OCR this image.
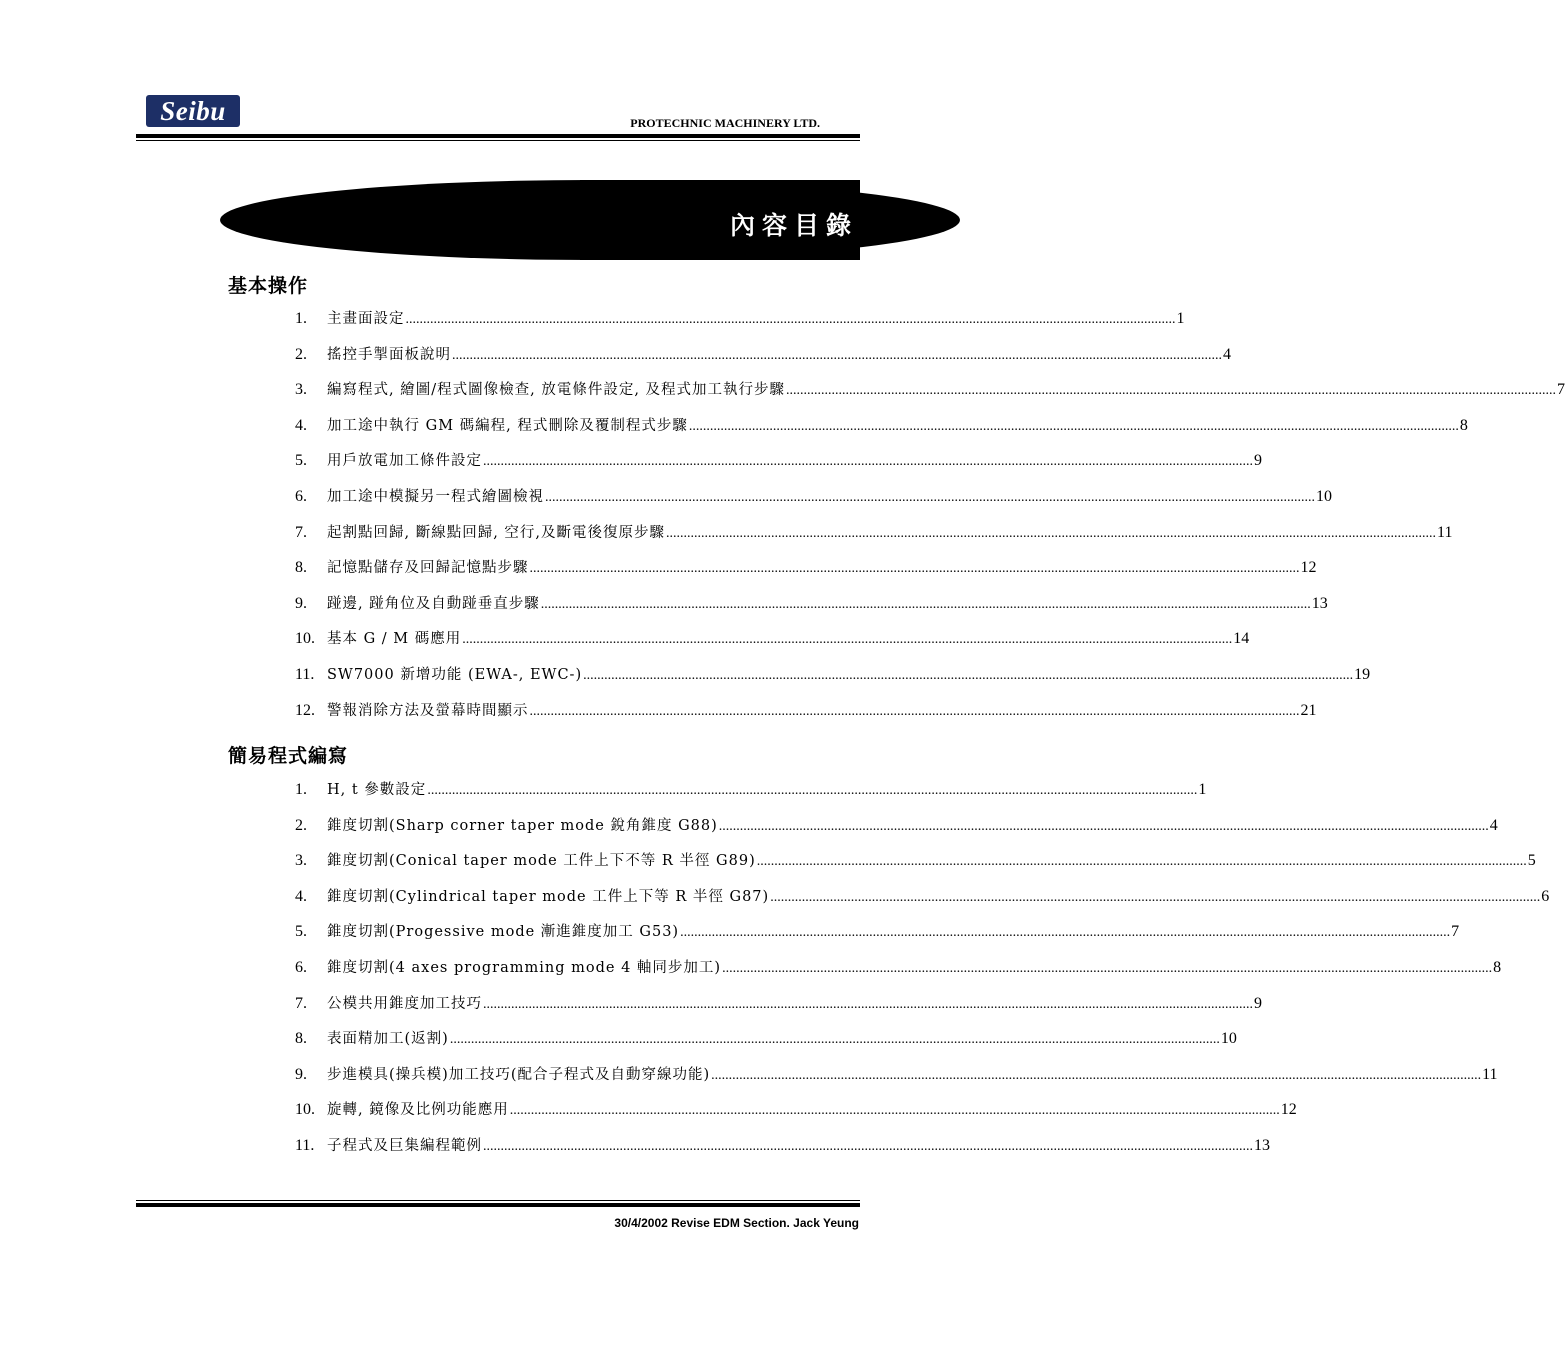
Seibu	PROTECHNIC MACHINERY LTD.
內容目錄
基本操作
1.	主畫面設定 ............................................................................................................................................................................................................................ 1
2.	搖控手掣面板說明 ............................................................................................................................................................................................................................ 4
3.	編寫程式, 繪圖/程式圖像檢查, 放電條件設定, 及程式加工執行步驟 ............................................................................................................................................................................................................................ 7
4.	加工途中執行 GM 碼編程, 程式刪除及覆制程式步驟 ............................................................................................................................................................................................................................ 8
5.	用戶放電加工條件設定 ............................................................................................................................................................................................................................ 9
6.	加工途中模擬另一程式繪圖檢視 ............................................................................................................................................................................................................................ 10
7.	起割點回歸, 斷線點回歸, 空行,及斷電後復原步驟 ............................................................................................................................................................................................................................ 11
8.	記憶點儲存及回歸記憶點步驟 ............................................................................................................................................................................................................................ 12
9.	踫邊, 踫角位及自動踫垂直步驟 ............................................................................................................................................................................................................................ 13
10. 基本 G / M 碼應用 ............................................................................................................................................................................................................................ 14
11. SW7000 新增功能 (EWA-, EWC-) ............................................................................................................................................................................................................................ 19
12. 警報消除方法及螢幕時間顯示 ............................................................................................................................................................................................................................ 21
簡易程式編寫
1.	H, t 參數設定 ............................................................................................................................................................................................................................ 1
2.	錐度切割(Sharp corner taper mode 銳角錐度 G88) ............................................................................................................................................................................................................................ 4
3.	錐度切割(Conical taper mode 工件上下不等 R 半徑 G89) ............................................................................................................................................................................................................................ 5
4.	錐度切割(Cylindrical taper mode 工件上下等 R 半徑 G87) ............................................................................................................................................................................................................................ 6
5.	錐度切割(Progessive mode 漸進錐度加工 G53) ............................................................................................................................................................................................................................ 7
6.	錐度切割(4 axes programming mode 4 軸同步加工) ............................................................................................................................................................................................................................ 8
7.	公模共用錐度加工技巧 ............................................................................................................................................................................................................................ 9
8.	表面精加工(返割) ............................................................................................................................................................................................................................ 10
9.	步進模具(操兵模)加工技巧(配合子程式及自動穿線功能) ............................................................................................................................................................................................................................ 11
10. 旋轉, 鏡像及比例功能應用 ............................................................................................................................................................................................................................ 12
11. 子程式及巨集編程範例 ............................................................................................................................................................................................................................ 13
30/4/2002 Revise EDM Section. Jack Yeung
